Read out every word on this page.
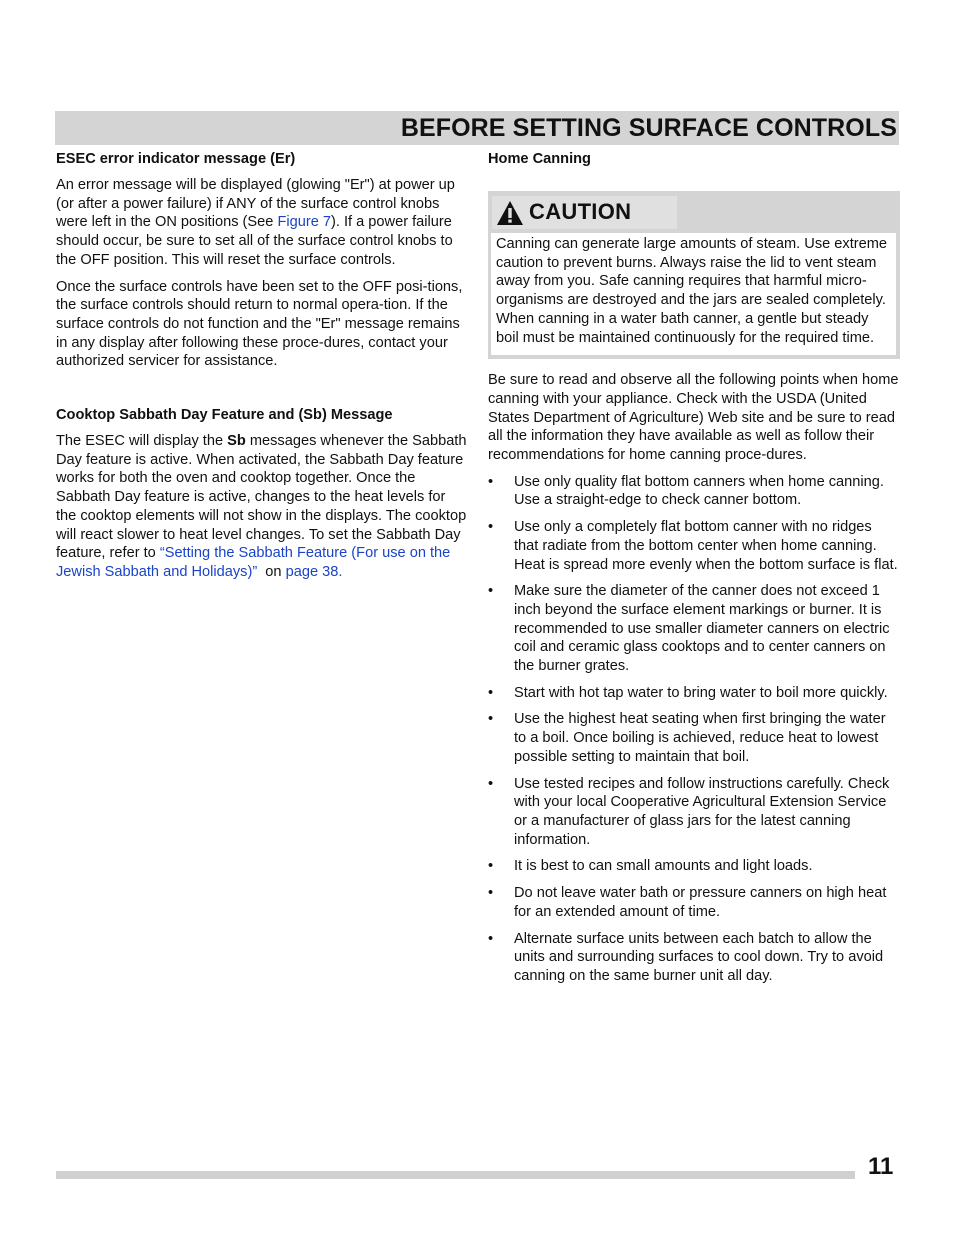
BEFORE SETTING SURFACE CONTROLS
ESEC error indicator message (Er)

An error message will be displayed (glowing "Er") at power up (or after a power failure) if ANY of the surface control knobs were left in the ON positions (See Figure 7). If a power failure should occur, be sure to set all of the surface control knobs to the OFF position. This will reset the surface controls.

Once the surface controls have been set to the OFF posi-tions, the surface controls should return to normal opera-tion. If the surface controls do not function and the "Er" message remains in any display after following these proce-dures, contact your authorized servicer for assistance.

Cooktop Sabbath Day Feature and (Sb) Message

The ESEC will display the Sb messages whenever the Sabbath Day feature is active. When activated, the Sabbath Day feature works for both the oven and cooktop together. Once the Sabbath Day feature is active, changes to the heat levels for the cooktop elements will not show in the displays. The cooktop will react slower to heat level changes. To set the Sabbath Day feature, refer to “Setting the Sabbath Feature (For use on the Jewish Sabbath and Holidays)”  on page 38.

Home Canning
CAUTION
Canning can generate large amounts of steam. Use extreme caution to prevent burns. Always raise the lid to vent steam away from you. Safe canning requires that harmful micro-organisms are destroyed and the jars are sealed completely. When canning in a water bath canner, a gentle but steady boil must be maintained continuously for the required time.

Be sure to read and observe all the following points when home canning with your appliance. Check with the USDA (United States Department of Agriculture) Web site and be sure to read all the information they have available as well as follow their recommendations for home canning proce-dures.

• Use only quality flat bottom canners when home canning. Use a straight-edge to check canner bottom.
• Use only a completely flat bottom canner with no ridges that radiate from the bottom center when home canning. Heat is spread more evenly when the bottom surface is flat.
• Make sure the diameter of the canner does not exceed 1 inch beyond the surface element markings or burner. It is recommended to use smaller diameter canners on electric coil and ceramic glass cooktops and to center canners on the burner grates.
• Start with hot tap water to bring water to boil more quickly.
• Use the highest heat seating when first bringing the water to a boil. Once boiling is achieved, reduce heat to lowest possible setting to maintain that boil.
• Use tested recipes and follow instructions carefully. Check with your local Cooperative Agricultural Extension Service or a manufacturer of glass jars for the latest canning information.
• It is best to can small amounts and light loads.
• Do not leave water bath or pressure canners on high heat for an extended amount of time.
• Alternate surface units between each batch to allow the units and surrounding surfaces to cool down. Try to avoid canning on the same burner unit all day.
11
